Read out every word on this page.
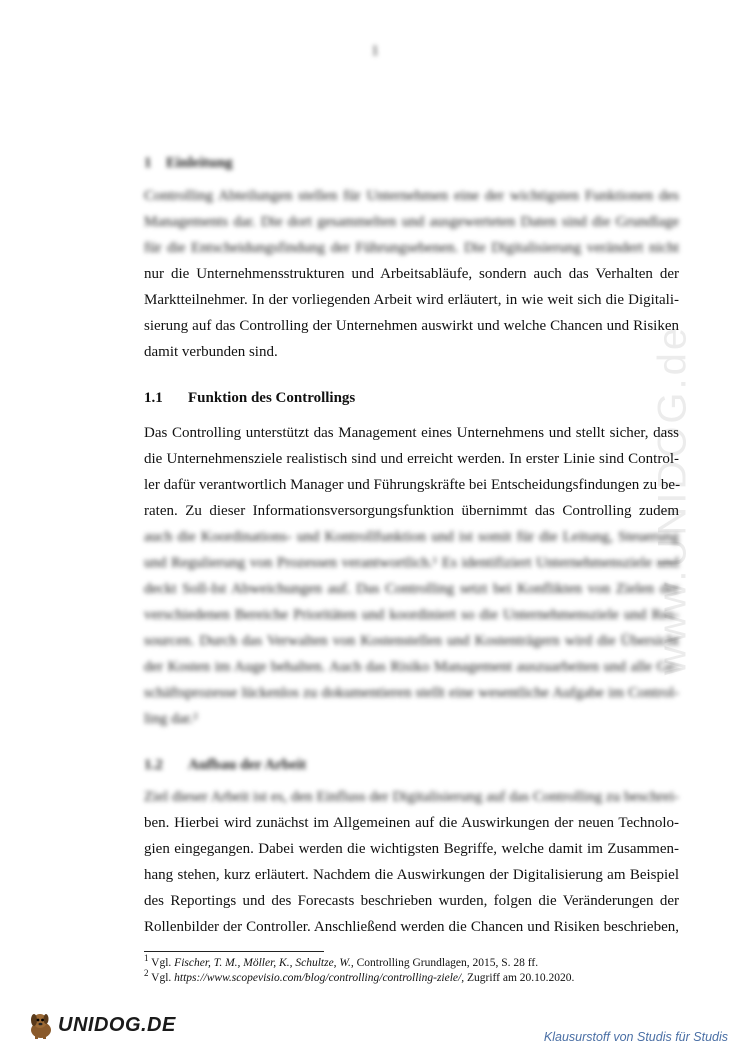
1
www.UNIDOG.de
1 Einleitung
Controlling Abteilungen stellen für Unternehmen eine der wichtigsten Funktionen des
Managements dar. Die dort gesammelten und ausgewerteten Daten sind die Grundlage
für die Entscheidungsfindung der Führungsebenen. Die Digitalisierung verändert nicht
nur die Unternehmensstrukturen und Arbeitsabläufe, sondern auch das Verhalten der
Marktteilnehmer. In der vorliegenden Arbeit wird erläutert, in wie weit sich die Digitali-
sierung auf das Controlling der Unternehmen auswirkt und welche Chancen und Risiken
damit verbunden sind.
1.1	Funktion des Controllings
Das Controlling unterstützt das Management eines Unternehmens und stellt sicher, dass
die Unternehmensziele realistisch sind und erreicht werden. In erster Linie sind Control-
ler dafür verantwortlich Manager und Führungskräfte bei Entscheidungsfindungen zu be-
raten. Zu dieser Informationsversorgungsfunktion übernimmt das Controlling zudem
auch die Koordinations- und Kontrollfunktion und ist somit für die Leitung, Steuerung
und Regulierung von Prozessen verantwortlich.¹ Es identifiziert Unternehmensziele und
deckt Soll-Ist Abweichungen auf. Das Controlling setzt bei Konflikten von Zielen der
verschiedenen Bereiche Prioritäten und koordiniert so die Unternehmensziele und Res-
sourcen. Durch das Verwalten von Kostenstellen und Kostenträgern wird die Übersicht
der Kosten im Auge behalten. Auch das Risiko Management auszuarbeiten und alle Ge-
schäftsprozesse lückenlos zu dokumentieren stellt eine wesentliche Aufgabe im Control-
ling dar.²
1.2	Aufbau der Arbeit
Ziel dieser Arbeit ist es, den Einfluss der Digitalisierung auf das Controlling zu beschrei-
ben. Hierbei wird zunächst im Allgemeinen auf die Auswirkungen der neuen Technolo-
gien eingegangen. Dabei werden die wichtigsten Begriffe, welche damit im Zusammen-
hang stehen, kurz erläutert. Nachdem die Auswirkungen der Digitalisierung am Beispiel
des Reportings und des Forecasts beschrieben wurden, folgen die Veränderungen der
Rollenbilder der Controller. Anschließend werden die Chancen und Risiken beschrieben,
$^1$ Vgl. Fischer, T. M., Möller, K., Schultze, W., Controlling Grundlagen, 2015, S. 28 ff.
$^2$ Vgl. https://www.scopevisio.com/blog/controlling/controlling-ziele/, Zugriff am 20.10.2020.
UNIDOG.DE
Klausurstoff von Studis für Studis
